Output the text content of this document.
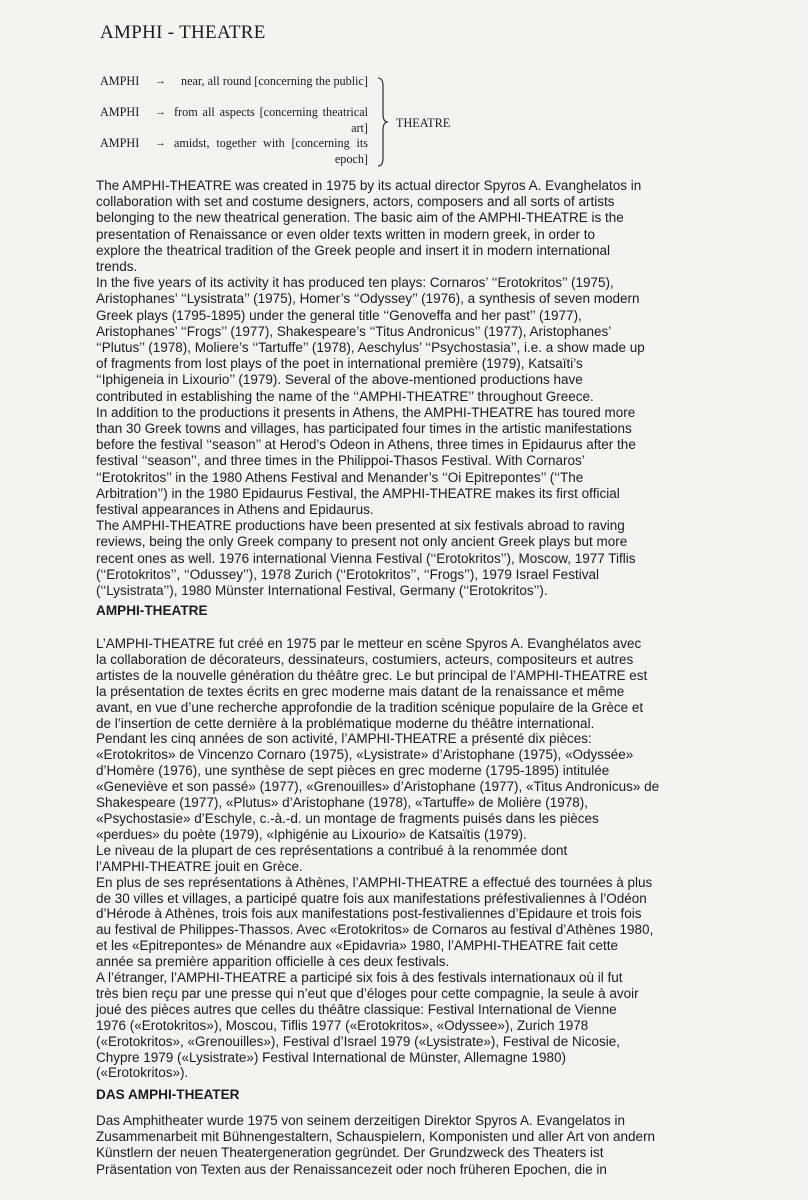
AMPHI - THEATRE
AMPHI →	near, all round [concerning the public]
AMPHI → from all aspects [concerning theatrical art]
AMPHI → amidst, together with [concerning its epoch]
THEATRE

The AMPHI-THEATRE was created in 1975 by its actual director Spyros A. Evanghelatos in
collaboration with set and costume designers, actors, composers and all sorts of artists
belonging to the new theatrical generation. The basic aim of the AMPHI-THEATRE is the
presentation of Renaissance or even older texts written in modern greek, in order to
explore the theatrical tradition of the Greek people and insert it in modern international
trends.

In the five years of its activity it has produced ten plays: Cornaros’ ‘‘Erotokritos’’ (1975),
Aristophanes’ ‘‘Lysistrata’’ (1975), Homer’s ‘‘Odyssey’’ (1976), a synthesis of seven modern
Greek plays (1795-1895) under the general title ‘‘Genoveffa and her past’’ (1977),
Aristophanes’ ‘‘Frogs’’ (1977), Shakespeare’s ‘‘Titus Andronicus’’ (1977), Aristophanes’
‘‘Plutus’’ (1978), Moliere’s ‘‘Tartuffe’’ (1978), Aeschylus’ ‘‘Psychostasia’’, i.e. a show made up
of fragments from lost plays of the poet in international première (1979), Katsaïti’s
‘‘Iphigeneia in Lixourio’’ (1979). Several of the above-mentioned productions have
contributed in establishing the name of the ‘‘AMPHI-THEATRE’’ throughout Greece.

In addition to the productions it presents in Athens, the AMPHI-THEATRE has toured more
than 30 Greek towns and villages, has participated four times in the artistic manifestations
before the festival ‘‘season’’ at Herod’s Odeon in Athens, three times in Epidaurus after the
festival ‘‘season’’, and three times in the Philippoi-Thasos Festival. With Cornaros’
‘‘Erotokritos’’ in the 1980 Athens Festival and Menander’s ‘‘Oi Epitrepontes’’ (‘‘The
Arbitration’’) in the 1980 Epidaurus Festival, the AMPHI-THEATRE makes its first official
festival appearances in Athens and Epidaurus.

The AMPHI-THEATRE productions have been presented at six festivals abroad to raving
reviews, being the only Greek company to present not only ancient Greek plays but more
recent ones as well. 1976 international Vienna Festival (‘‘Erotokritos’’), Moscow, 1977 Tiflis
(‘‘Erotokritos’’, ‘‘Odussey’’), 1978 Zurich (‘‘Erotokritos’’, ‘‘Frogs’’), 1979 Israel Festival
(‘‘Lysistrata’’), 1980 Münster International Festival, Germany (‘‘Erotokritos’’).

AMPHI-THEATRE

L’AMPHI-THEATRE fut créé en 1975 par le metteur en scène Spyros A. Evanghélatos avec
la collaboration de décorateurs, dessinateurs, costumiers, acteurs, compositeurs et autres
artistes de la nouvelle génération du théâtre grec. Le but principal de l’AMPHI-THEATRE est
la présentation de textes écrits en grec moderne mais datant de la renaissance et même
avant, en vue d’une recherche approfondie de la tradition scénique populaire de la Grèce et
de l’insertion de cette dernière à la problématique moderne du théâtre international.

Pendant les cinq années de son activité, l’AMPHI-THEATRE a présenté dix pièces:
«Erotokritos» de Vincenzo Cornaro (1975), «Lysistrate» d’Aristophane (1975), «Odyssée»
d’Homère (1976), une synthèse de sept pièces en grec moderne (1795-1895) intitulée
«Geneviève et son passé» (1977), «Grenouilles» d’Aristophane (1977), «Titus Andronicus» de
Shakespeare (1977), «Plutus» d’Aristophane (1978), «Tartuffe» de Molière (1978),
«Psychostasie» d’Eschyle, c.-à.-d. un montage de fragments puisés dans les pièces
«perdues» du poète (1979), «Iphigénie au Lixourio» de Katsaïtis (1979).

Le niveau de la plupart de ces représentations a contribué à la renommée dont
l’AMPHI-THEATRE jouit en Grèce.

En plus de ses représentations à Athènes, l’AMPHI-THEATRE a effectué des tournées à plus
de 30 villes et villages, a participé quatre fois aux manifestations préfestivaliennes à l’Odéon
d’Hérode à Athènes, trois fois aux manifestations post-festivaliennes d’Epidaure et trois fois
au festival de Philippes-Thassos. Avec «Erotokritos» de Cornaros au festival d’Athènes 1980,
et les «Epitrepontes» de Ménandre aux «Epidavria» 1980, l’AMPHI-THEATRE fait cette
année sa première apparition officielle à ces deux festivals.

A l’étranger, l’AMPHI-THEATRE a participé six fois à des festivals internationaux où il fut
très bien reçu par une presse qui n’eut que d’éloges pour cette compagnie, la seule à avoir
joué des pièces autres que celles du théâtre classique: Festival International de Vienne
1976 («Erotokritos»), Moscou, Tiflis 1977 («Erotokritos», «Odyssee»), Zurich 1978
(«Erotokritos», «Grenouilles»), Festival d’Israel 1979 («Lysistrate»), Festival de Nicosie,
Chypre 1979 («Lysistrate») Festival International de Münster, Allemagne 1980)
(«Erotokritos»).

DAS AMPHI-THEATER

Das Amphitheater wurde 1975 von seinem derzeitigen Direktor Spyros A. Evangelatos in
Zusammenarbeit mit Bühnengestaltern, Schauspielern, Komponisten und aller Art von andern
Künstlern der neuen Theatergeneration gegründet. Der Grundzweck des Theaters ist
Präsentation von Texten aus der Renaissancezeit oder noch früheren Epochen, die in
